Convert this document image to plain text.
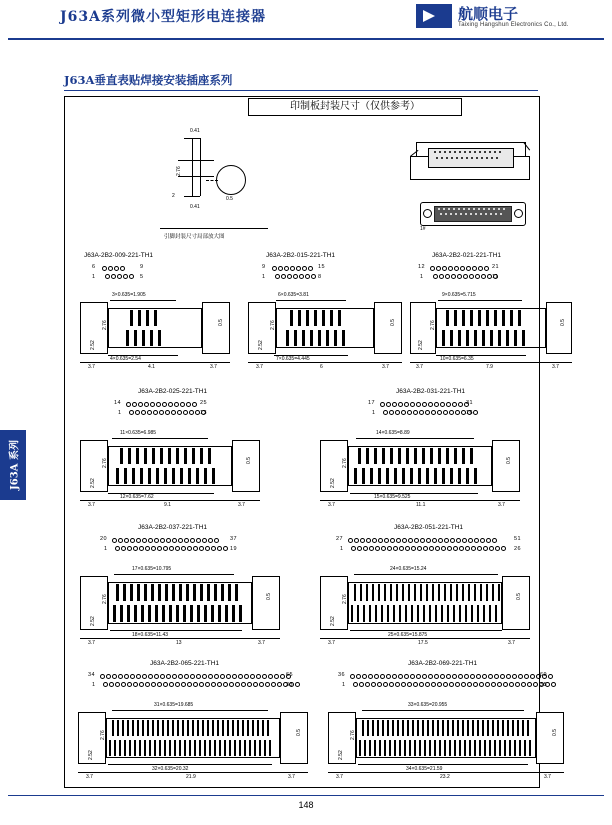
J63A系列微小型矩形电连接器	航顺电子
Taixing Hangshun Electronics Co., Ltd.
J63A垂直表贴焊接安装插座系列
印制板封装尺寸（仅供参考）
0.41
2.76
0.41
2	0.5
引脚封装尺寸局部放大图
1#
J63A-2B2-009-221-TH1
6	9
1	5
3×0.635=1.905
4×0.635=2.54
2.76
2.52
0.5
3.7	4.1	3.7
J63A-2B2-015-221-TH1
9	15
1	8
6×0.635=3.81
7×0.635=4.445
2.76
2.52
0.5
3.7	6	3.7
J63A-2B2-021-221-TH1
12	21
1	11
9×0.635=5.715
10×0.635=6.35
2.76
2.52
0.5
3.7	7.9	3.7
J63A-2B2-025-221-TH1
14	25
1	13
11×0.635=6.985
12×0.635=7.62
2.76
2.52
0.5
3.7	9.1	3.7
J63A-2B2-031-221-TH1
17	31
1	16
14×0.635=8.89
15×0.635=9.525
2.76
2.52
0.5
3.7	11.1	3.7
J63A-2B2-037-221-TH1
20	37
1	19
17×0.635=10.795
18×0.635=11.43
2.76
2.52
0.5
3.7	13	3.7
J63A-2B2-051-221-TH1
27	51
1	26
24×0.635=15.24
25×0.635=15.875
2.76
2.52
0.5
3.7	17.5	3.7
J63A-2B2-065-221-TH1
34	65
1	33
31×0.635=19.685
32×0.635=20.32
2.76
2.52
0.5
3.7	21.9	3.7
J63A-2B2-069-221-TH1
36	69
1	35
33×0.635=20.955
34×0.635=21.59
2.76
2.52
0.5
3.7	23.2	3.7
J63A 系列
148
